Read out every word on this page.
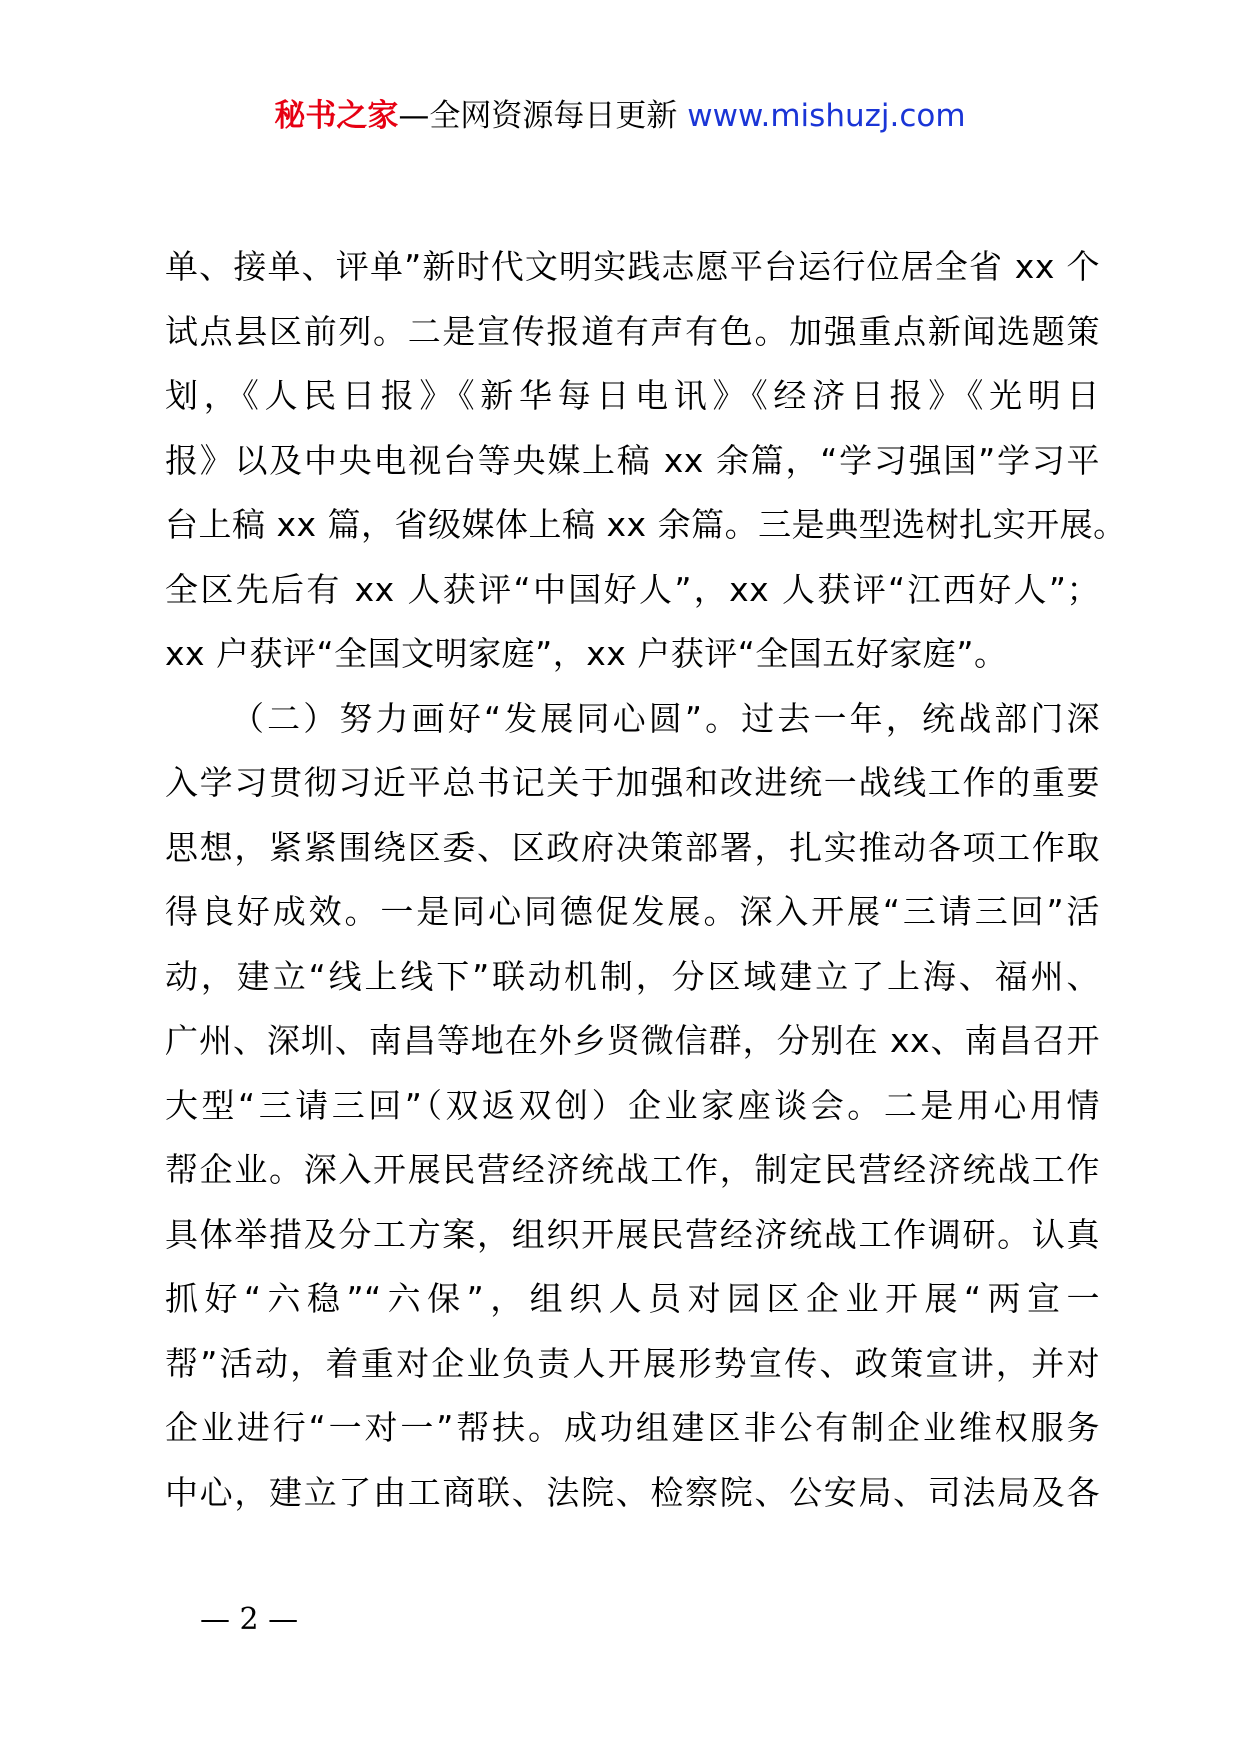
秘书之家—全网资源每日更新 www.mishuzj.com
单、接单、评单”新时代文明实践志愿平台运行位居全省 xx 个
试点县区前列。二是宣传报道有声有色。加强重点新闻选题策
划，《人民日报》《新华每日电讯》《经济日报》《光明日
报》以及中央电视台等央媒上稿 xx 余篇，“学习强国”学习平
台上稿 xx 篇，省级媒体上稿 xx 余篇。三是典型选树扎实开展。
全区先后有 xx 人获评“中国好人”，xx 人获评“江西好人”；
xx 户获评“全国文明家庭”，xx 户获评“全国五好家庭”。
（二）努力画好“发展同心圆”。过去一年，统战部门深
入学习贯彻习近平总书记关于加强和改进统一战线工作的重要
思想，紧紧围绕区委、区政府决策部署，扎实推动各项工作取
得良好成效。一是同心同德促发展。深入开展“三请三回”活
动，建立“线上线下”联动机制，分区域建立了上海、福州、
广州、深圳、南昌等地在外乡贤微信群，分别在 xx、南昌召开
大型“三请三回”（双返双创）企业家座谈会。二是用心用情
帮企业。深入开展民营经济统战工作，制定民营经济统战工作
具体举措及分工方案，组织开展民营经济统战工作调研。认真
抓好“六稳”“六保”，组织人员对园区企业开展“两宣一
帮”活动，着重对企业负责人开展形势宣传、政策宣讲，并对
企业进行“一对一”帮扶。成功组建区非公有制企业维权服务
中心，建立了由工商联、法院、检察院、公安局、司法局及各
— 2 —
